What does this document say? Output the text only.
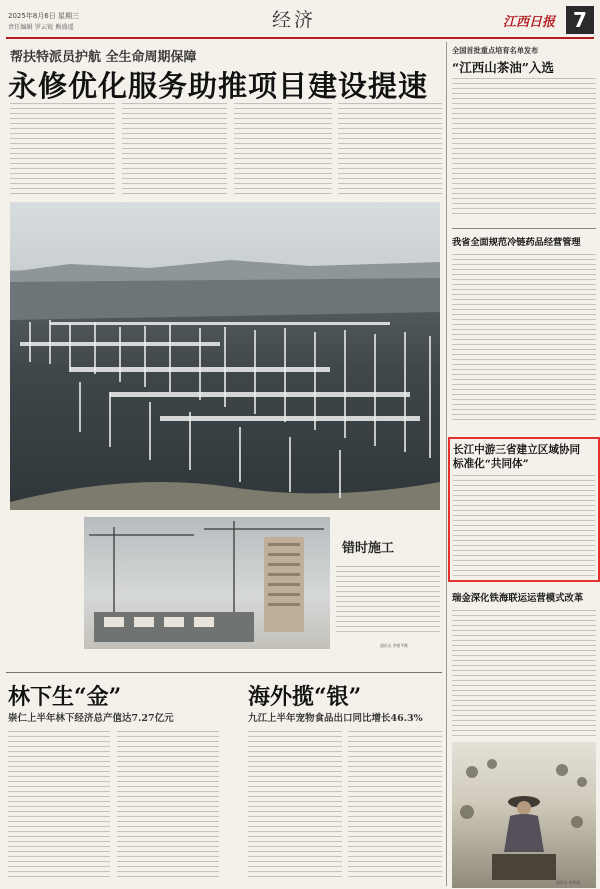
2025年8月6日 星期三
责任编辑 罗云锐 熊盛遥	经济	江西日报 7
帮扶特派员护航 全生命周期保障
永修优化服务助推项目建设提速
错时施工
通讯员 李建平摄
林下生“金”
崇仁上半年林下经济总产值达7.27亿元
海外揽“银”
九江上半年宠物食品出口同比增长46.3%
全国首批重点培育名单发布
“江西山茶油”入选
我省全面规范冷链药品经营管理
长江中游三省建立区域协同
标准化“共同体”
瑞金深化铁海联运运营模式改革
通讯员 黄坤摄
